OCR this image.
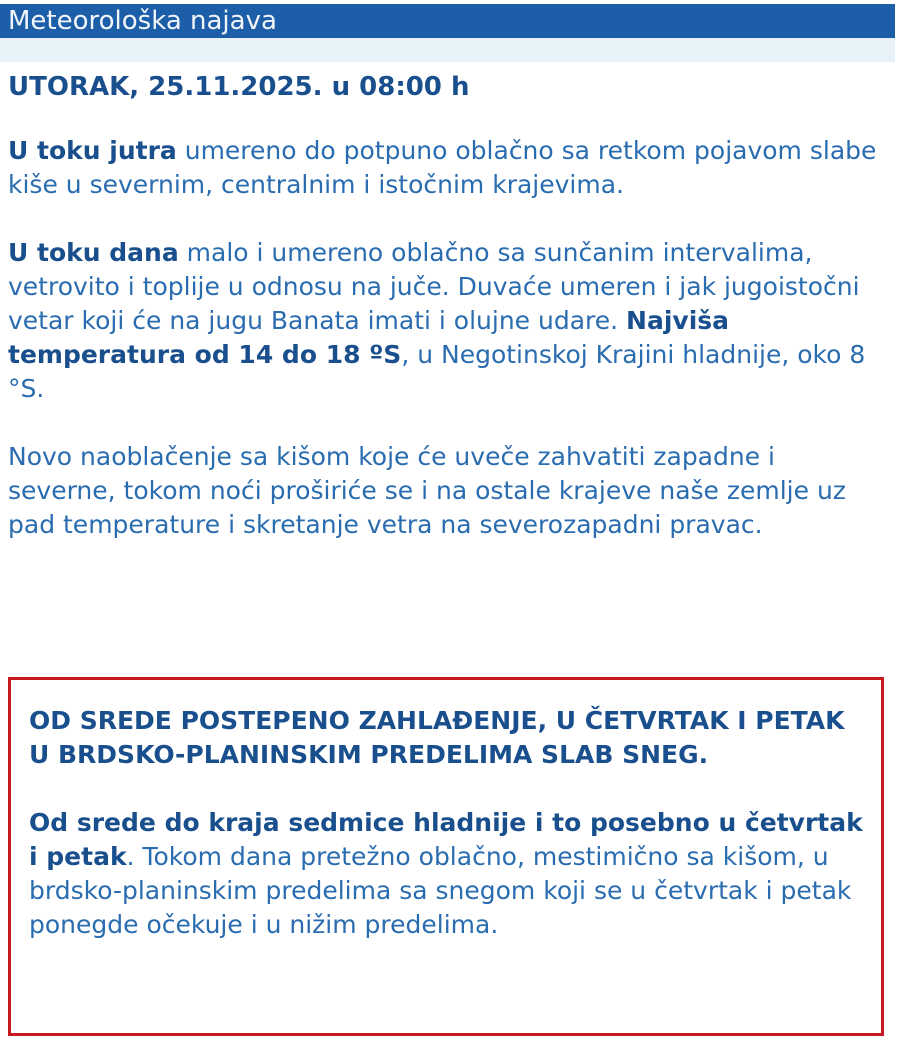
Meteorološka najava
UTORAK, 25.11.2025. u 08:00 h

U toku jutra umereno do potpuno oblačno sa retkom pojavom slabe kiše u severnim, centralnim i istočnim krajevima.

U toku dana malo i umereno oblačno sa sunčanim intervalima, vetrovito i toplije u odnosu na juče. Duvaće umeren i jak jugoistočni vetar koji će na jugu Banata imati i olujne udare. Najviša temperatura od 14 do 18 ºS, u Negotinskoj Krajini hladnije, oko 8 °S.

Novo naoblačenje sa kišom koje će uveče zahvatiti zapadne i severne, tokom noći proširiće se i na ostale krajeve naše zemlje uz pad temperature i skretanje vetra na severozapadni pravac.

OD SREDE POSTEPENO ZAHLAĐENJE, U ČETVRTAK I PETAK U BRDSKO-PLANINSKIM PREDELIMA SLAB SNEG.
Od srede do kraja sedmice hladnije i to posebno u četvrtak i petak. Tokom dana pretežno oblačno, mestimično sa kišom, u brdsko-planinskim predelima sa snegom koji se u četvrtak i petak ponegde očekuje i u nižim predelima.
